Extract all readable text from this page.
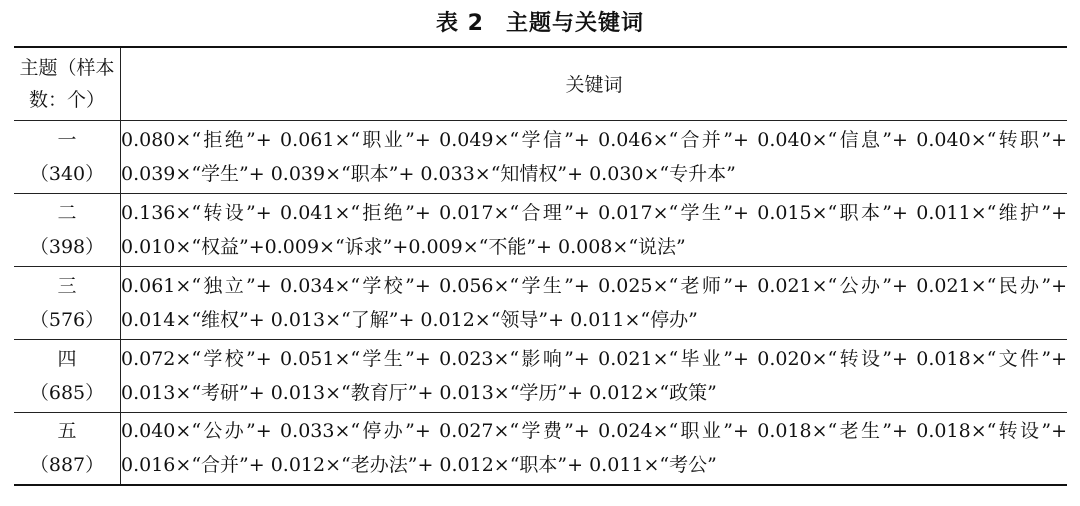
表 2 主题与关键词
主题（样本数：个）	关键词

一
（340）	0.080×“拒绝”+ 0.061×“职业”+ 0.049×“学信”+ 0.046×“合并”+ 0.040×“信息”+ 0.040×“转职”+ 0.039×“学生”+ 0.039×“职本”+ 0.033×“知情权”+ 0.030×“专升本”

二
（398）	0.136×“转设”+ 0.041×“拒绝”+ 0.017×“合理”+ 0.017×“学生”+ 0.015×“职本”+ 0.011×“维护”+ 0.010×“权益”+0.009×“诉求”+0.009×“不能”+ 0.008×“说法”

三
（576）	0.061×“独立”+ 0.034×“学校”+ 0.056×“学生”+ 0.025×“老师”+ 0.021×“公办”+ 0.021×“民办”+ 0.014×“维权”+ 0.013×“了解”+ 0.012×“领导”+ 0.011×“停办”

四
（685）	0.072×“学校”+ 0.051×“学生”+ 0.023×“影响”+ 0.021×“毕业”+ 0.020×“转设”+ 0.018×“文件”+ 0.013×“考研”+ 0.013×“教育厅”+ 0.013×“学历”+ 0.012×“政策”

五
（887）	0.040×“公办”+ 0.033×“停办”+ 0.027×“学费”+ 0.024×“职业”+ 0.018×“老生”+ 0.018×“转设”+ 0.016×“合并”+ 0.012×“老办法”+ 0.012×“职本”+ 0.011×“考公”
